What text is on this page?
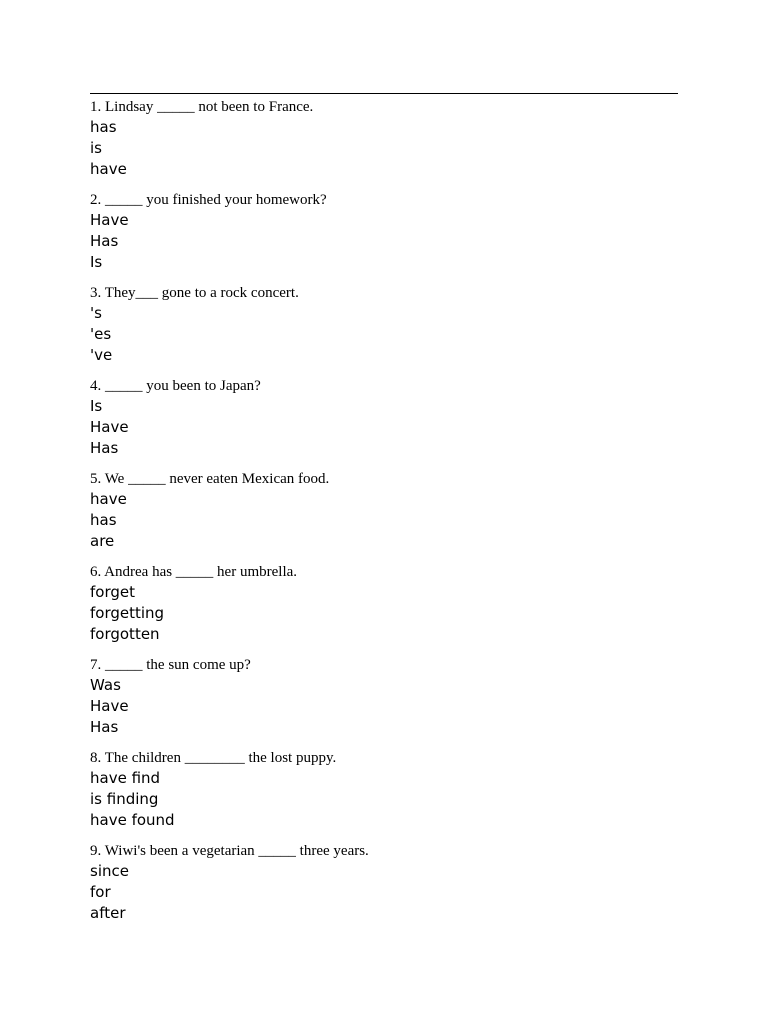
1. Lindsay _____ not been to France.
has
is
have
2. _____ you finished your homework?
Have
Has
Is
3. They___ gone to a rock concert.
's
'es
've
4. _____ you been to Japan?
Is
Have
Has
5. We _____ never eaten Mexican food.
have
has
are
6. Andrea has _____ her umbrella.
forget
forgetting
forgotten
7. _____ the sun come up?
Was
Have
Has
8. The children ________ the lost puppy.
have find
is finding
have found
9. Wiwi's been a vegetarian _____ three years.
since
for
after
